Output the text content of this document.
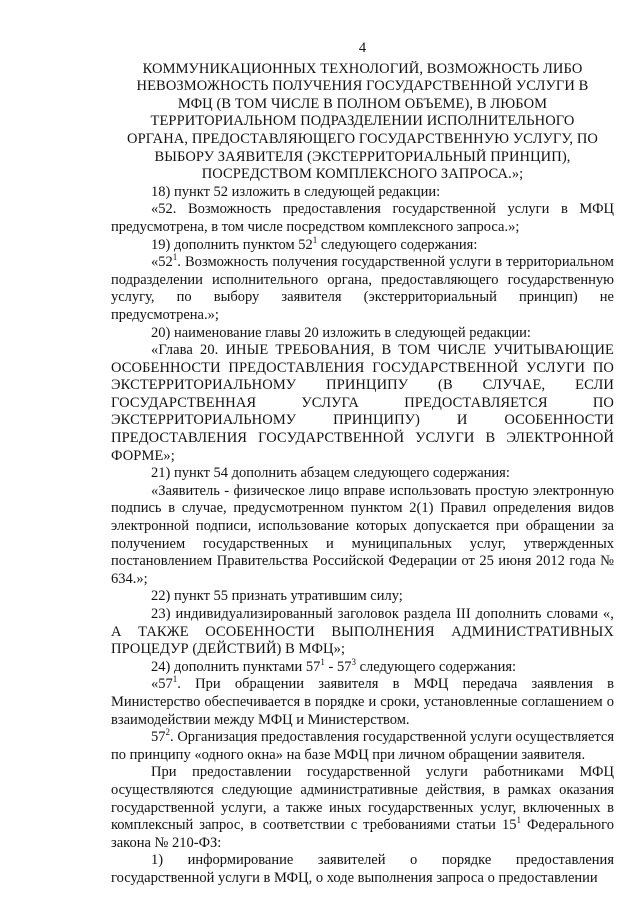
4
КОММУНИКАЦИОННЫХ ТЕХНОЛОГИЙ, ВОЗМОЖНОСТЬ ЛИБО
НЕВОЗМОЖНОСТЬ ПОЛУЧЕНИЯ ГОСУДАРСТВЕННОЙ УСЛУГИ В
МФЦ (В ТОМ ЧИСЛЕ В ПОЛНОМ ОБЪЕМЕ), В ЛЮБОМ
ТЕРРИТОРИАЛЬНОМ ПОДРАЗДЕЛЕНИИ ИСПОЛНИТЕЛЬНОГО
ОРГАНА, ПРЕДОСТАВЛЯЮЩЕГО ГОСУДАРСТВЕННУЮ УСЛУГУ, ПО
ВЫБОРУ ЗАЯВИТЕЛЯ (ЭКСТЕРРИТОРИАЛЬНЫЙ ПРИНЦИП),
ПОСРЕДСТВОМ КОМПЛЕКСНОГО ЗАПРОСА.»;

18) пункт 52 изложить в следующей редакции:

«52. Возможность предоставления государственной услуги в МФЦ предусмотрена, в том числе посредством комплексного запроса.»;

19) дополнить пунктом $52^1$ следующего содержания:

«$52^1$. Возможность получения государственной услуги в территориальном подразделении исполнительного органа, предоставляющего государственную услугу, по выбору заявителя (экстерриториальный принцип) не предусмотрена.»;

20) наименование главы 20 изложить в следующей редакции:

«Глава 20. ИНЫЕ ТРЕБОВАНИЯ, В ТОМ ЧИСЛЕ УЧИТЫВАЮЩИЕ ОСОБЕННОСТИ ПРЕДОСТАВЛЕНИЯ ГОСУДАРСТВЕННОЙ УСЛУГИ ПО ЭКСТЕРРИТОРИАЛЬНОМУ ПРИНЦИПУ (В СЛУЧАЕ, ЕСЛИ ГОСУДАРСТВЕННАЯ УСЛУГА ПРЕДОСТАВЛЯЕТСЯ ПО ЭКСТЕРРИТОРИАЛЬНОМУ ПРИНЦИПУ) И ОСОБЕННОСТИ ПРЕДОСТАВЛЕНИЯ ГОСУДАРСТВЕННОЙ УСЛУГИ В ЭЛЕКТРОННОЙ ФОРМЕ»;

21) пункт 54 дополнить абзацем следующего содержания:

«Заявитель - физическое лицо вправе использовать простую электронную подпись в случае, предусмотренном пунктом 2(1) Правил определения видов электронной подписи, использование которых допускается при обращении за получением государственных и муниципальных услуг, утвержденных постановлением Правительства Российской Федерации от 25 июня 2012 года № 634.»;

22) пункт 55 признать утратившим силу;

23) индивидуализированный заголовок раздела III дополнить словами «, А ТАКЖЕ ОСОБЕННОСТИ ВЫПОЛНЕНИЯ АДМИНИСТРАТИВНЫХ ПРОЦЕДУР (ДЕЙСТВИЙ) В МФЦ»;

24) дополнить пунктами $57^1 - 57^3$ следующего содержания:

«$57^1$. При обращении заявителя в МФЦ передача заявления в Министерство обеспечивается в порядке и сроки, установленные соглашением о взаимодействии между МФЦ и Министерством.

$57^2$. Организация предоставления государственной услуги осуществляется по принципу «одного окна» на базе МФЦ при личном обращении заявителя.

При предоставлении государственной услуги работниками МФЦ осуществляются следующие административные действия, в рамках оказания государственной услуги, а также иных государственных услуг, включенных в комплексный запрос, в соответствии с требованиями статьи $15^1$ Федерального закона № 210-ФЗ:

1) информирование заявителей о порядке предоставления государственной услуги в МФЦ, о ходе выполнения запроса о предоставлении
